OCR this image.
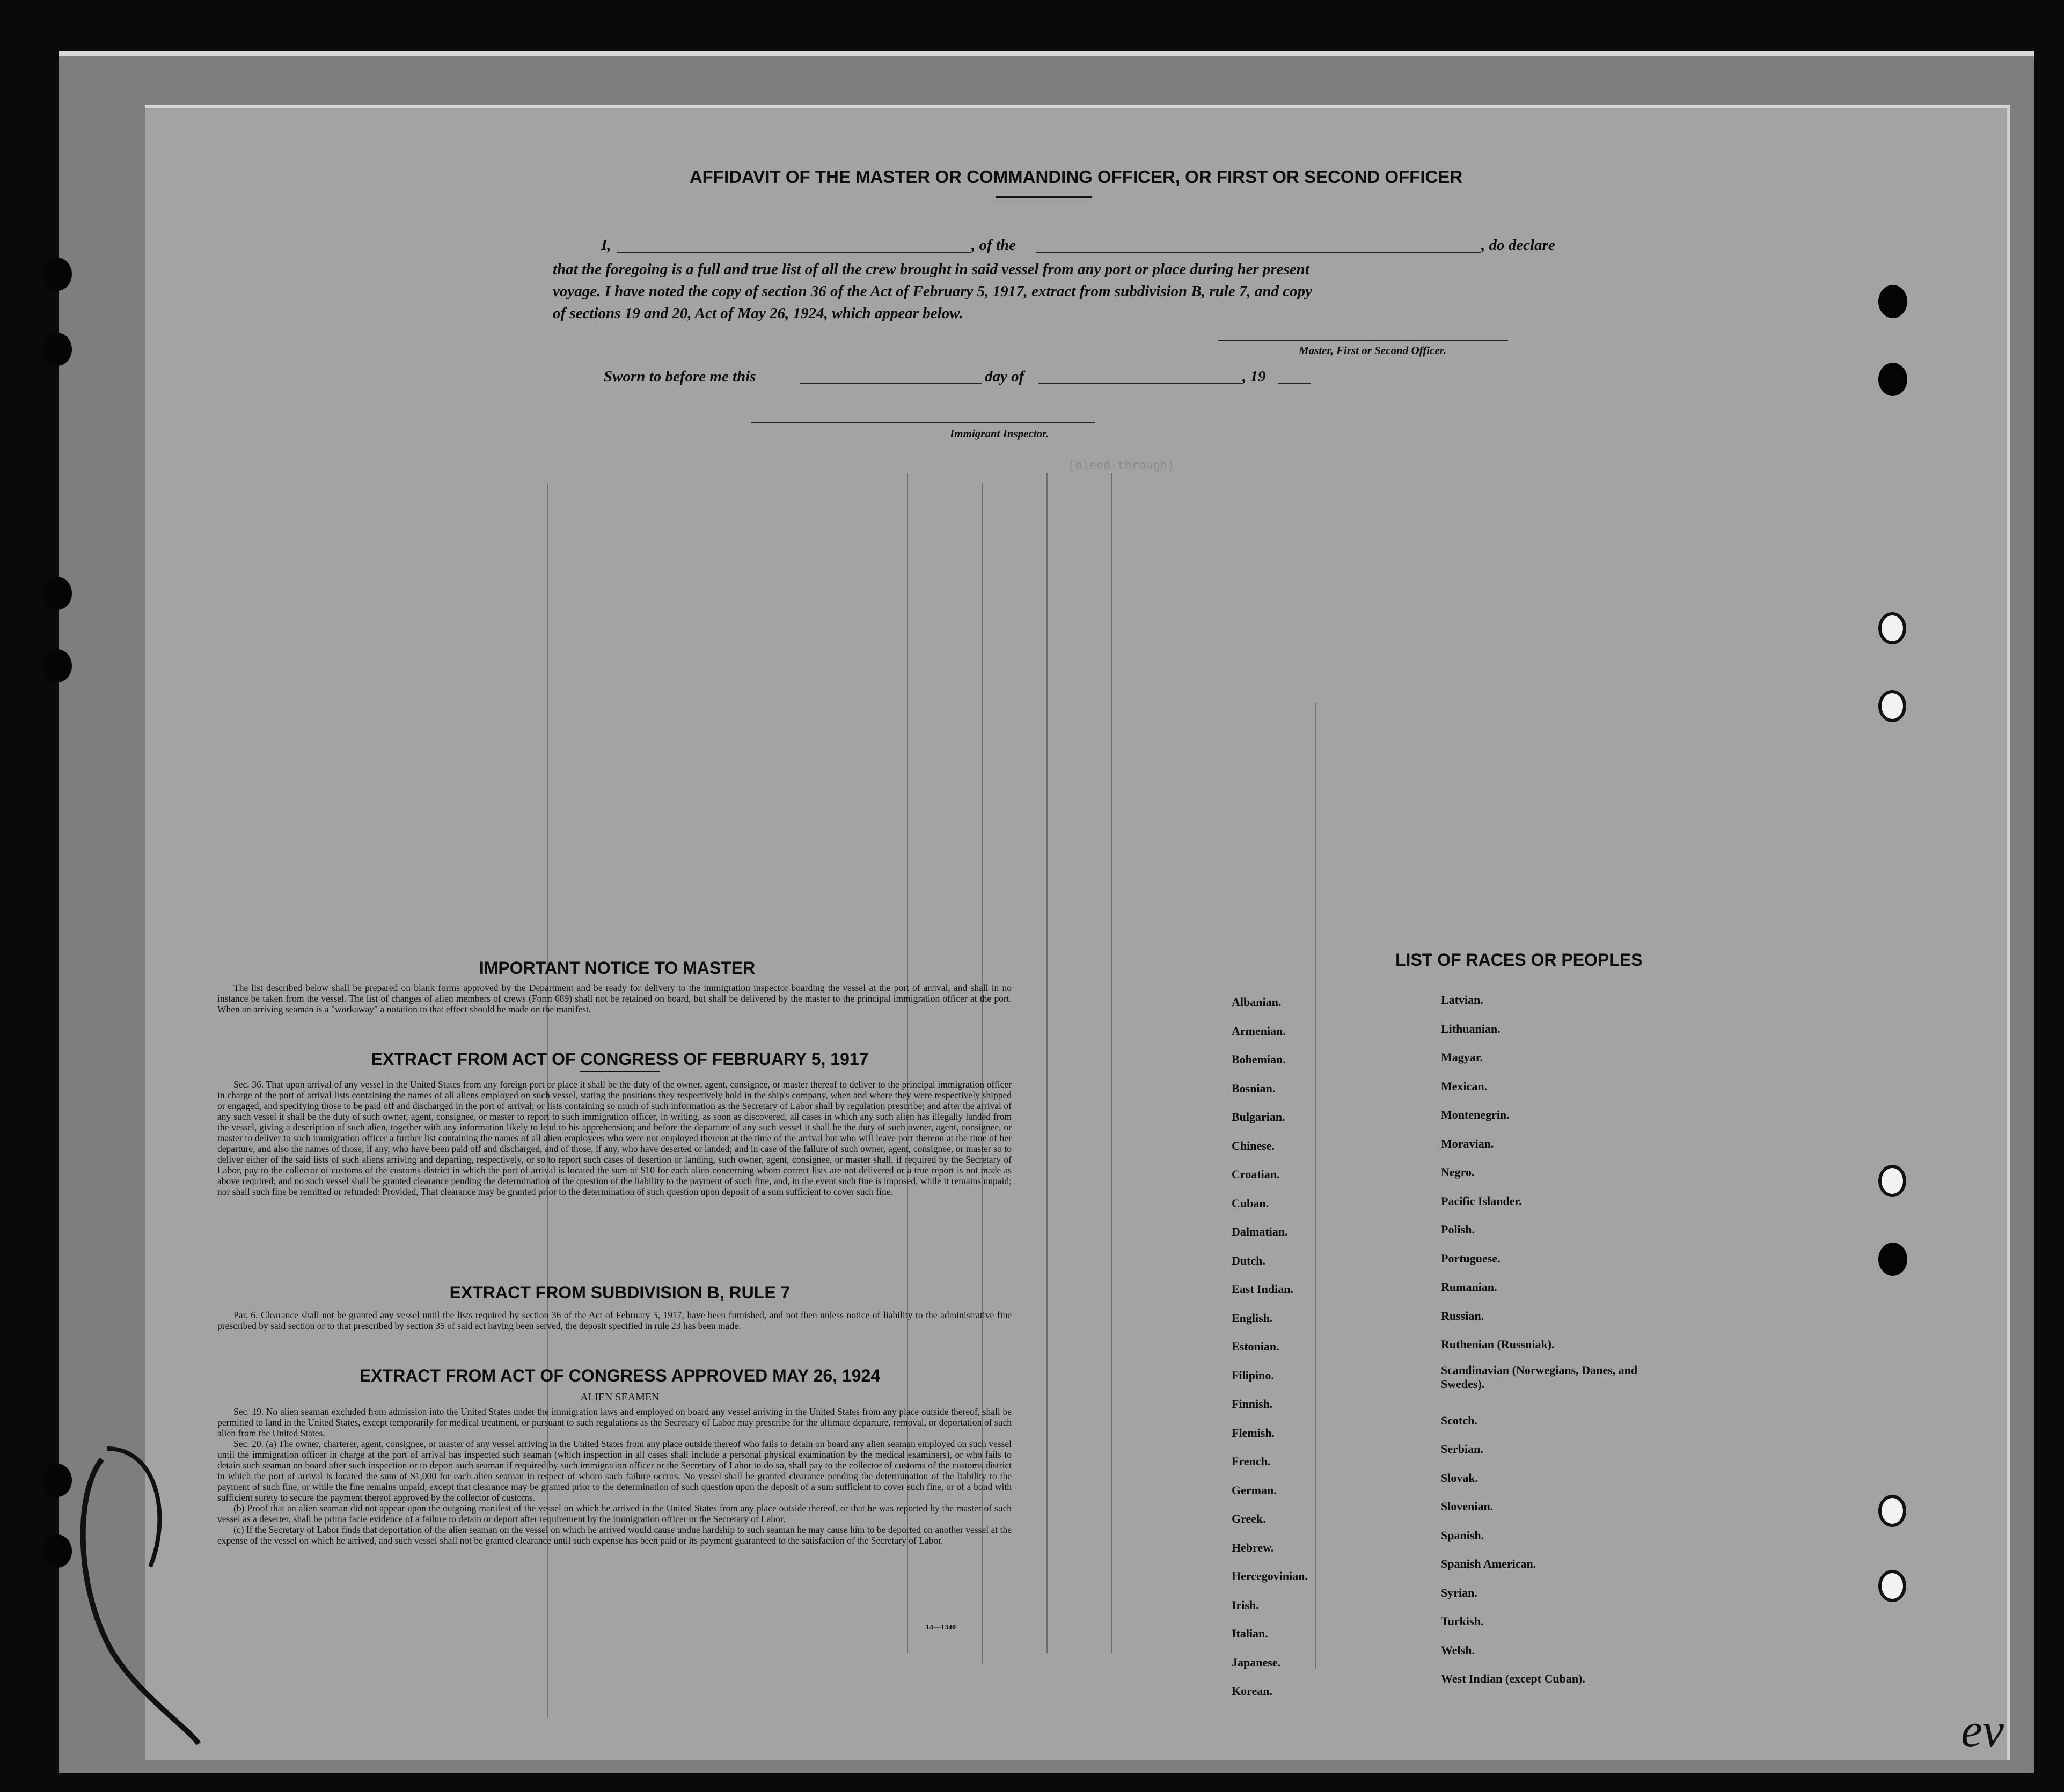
(bleed-through)
AFFIDAVIT OF THE MASTER OR COMMANDING OFFICER, OR FIRST OR SECOND OFFICER
I,	, of the	, do declare
that the foregoing is a full and true list of all the crew brought in said vessel from any port or place during her present
voyage. I have noted the copy of section 36 of the Act of February 5, 1917, extract from subdivision B, rule 7, and copy
of sections 19 and 20, Act of May 26, 1924, which appear below.
Master, First or Second Officer.
Sworn to before me this	day of	, 19
Immigrant Inspector.
IMPORTANT NOTICE TO MASTER

The list described below shall be prepared on blank forms approved by the Department and be ready for delivery to the immigration inspector boarding the vessel at the port of arrival, and shall in no instance be taken from the vessel. The list of changes of alien members of crews (Form 689) shall not be retained on board, but shall be delivered by the master to the principal immigration officer at the port. When an arriving seaman is a "workaway" a notation to that effect should be made on the manifest.

EXTRACT FROM ACT OF CONGRESS OF FEBRUARY 5, 1917

Sec. 36. That upon arrival of any vessel in the United States from any foreign port or place it shall be the duty of the owner, agent, consignee, or master thereof to deliver to the principal immigration officer in charge of the port of arrival lists containing the names of all aliens employed on such vessel, stating the positions they respectively hold in the ship's company, when and where they were respectively shipped or engaged, and specifying those to be paid off and discharged in the port of arrival; or lists containing so much of such information as the Secretary of Labor shall by regulation prescribe; and after the arrival of any such vessel it shall be the duty of such owner, agent, consignee, or master to report to such immigration officer, in writing, as soon as discovered, all cases in which any such alien has illegally landed from the vessel, giving a description of such alien, together with any information likely to lead to his apprehension; and before the departure of any such vessel it shall be the duty of such owner, agent, consignee, or master to deliver to such immigration officer a further list containing the names of all alien employees who were not employed thereon at the time of the arrival but who will leave port thereon at the time of her departure, and also the names of those, if any, who have been paid off and discharged, and of those, if any, who have deserted or landed; and in case of the failure of such owner, agent, consignee, or master so to deliver either of the said lists of such aliens arriving and departing, respectively, or so to report such cases of desertion or landing, such owner, agent, consignee, or master shall, if required by the Secretary of Labor, pay to the collector of customs of the customs district in which the port of arrival is located the sum of $10 for each alien concerning whom correct lists are not delivered or a true report is not made as above required; and no such vessel shall be granted clearance pending the determination of the question of the liability to the payment of such fine, and, in the event such fine is imposed, while it remains unpaid; nor shall such fine be remitted or refunded: Provided, That clearance may be granted prior to the determination of such question upon deposit of a sum sufficient to cover such fine.

EXTRACT FROM SUBDIVISION B, RULE 7

Par. 6. Clearance shall not be granted any vessel until the lists required by section 36 of the Act of February 5, 1917, have been furnished, and not then unless notice of liability to the administrative fine prescribed by said section or to that prescribed by section 35 of said act having been served, the deposit specified in rule 23 has been made.

EXTRACT FROM ACT OF CONGRESS APPROVED MAY 26, 1924
ALIEN SEAMEN

Sec. 19. No alien seaman excluded from admission into the United States under the immigration laws and employed on board any vessel arriving in the United States from any place outside thereof, shall be permitted to land in the United States, except temporarily for medical treatment, or pursuant to such regulations as the Secretary of Labor may prescribe for the ultimate departure, removal, or deportation of such alien from the United States.

Sec. 20. (a) The owner, charterer, agent, consignee, or master of any vessel arriving in the United States from any place outside thereof who fails to detain on board any alien seaman employed on such vessel until the immigration officer in charge at the port of arrival has inspected such seaman (which inspection in all cases shall include a personal physical examination by the medical examiners), or who fails to detain such seaman on board after such inspection or to deport such seaman if required by such immigration officer or the Secretary of Labor to do so, shall pay to the collector of customs of the customs district in which the port of arrival is located the sum of $1,000 for each alien seaman in respect of whom such failure occurs. No vessel shall be granted clearance pending the determination of the liability to the payment of such fine, or while the fine remains unpaid, except that clearance may be granted prior to the determination of such question upon the deposit of a sum sufficient to cover such fine, or of a bond with sufficient surety to secure the payment thereof approved by the collector of customs.

(b) Proof that an alien seaman did not appear upon the outgoing manifest of the vessel on which he arrived in the United States from any place outside thereof, or that he was reported by the master of such vessel as a deserter, shall be prima facie evidence of a failure to detain or deport after requirement by the immigration officer or the Secretary of Labor.

(c) If the Secretary of Labor finds that deportation of the alien seaman on the vessel on which he arrived would cause undue hardship to such seaman he may cause him to be deported on another vessel at the expense of the vessel on which he arrived, and such vessel shall not be granted clearance until such expense has been paid or its payment guaranteed to the satisfaction of the Secretary of Labor.

14—1340
LIST OF RACES OR PEOPLES
Albanian.
Armenian.
Bohemian.
Bosnian.
Bulgarian.
Chinese.
Croatian.
Cuban.
Dalmatian.
Dutch.
East Indian.
English.
Estonian.
Filipino.
Finnish.
Flemish.
French.
German.
Greek.
Hebrew.
Hercegovinian.
Irish.
Italian.
Japanese.
Korean.
Latvian.
Lithuanian.
Magyar.
Mexican.
Montenegrin.
Moravian.
Negro.
Pacific Islander.
Polish.
Portuguese.
Rumanian.
Russian.
Ruthenian (Russniak).
Scandinavian (Norwegians, Danes, and Swedes).
Scotch.
Serbian.
Slovak.
Slovenian.
Spanish.
Spanish American.
Syrian.
Turkish.
Welsh.
West Indian (except Cuban).
ev
